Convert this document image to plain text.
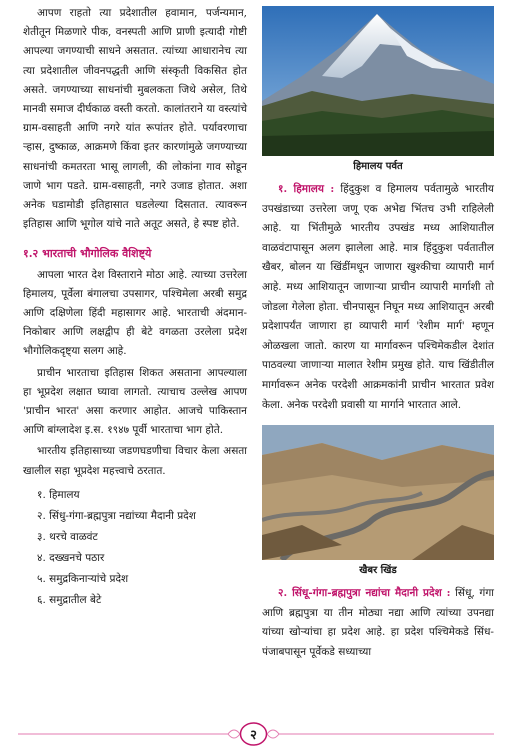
आपण राहतो त्या प्रदेशातील हवामान, पर्जन्यमान, शेतीतून मिळणारे पीक, वनस्पती आणि प्राणी इत्यादी गोष्टी आपल्या जगण्याची साधने असतात. त्यांच्या आधारानेच त्या त्या प्रदेशातील जीवनपद्धती आणि संस्कृती विकसित होत असते. जगण्याच्या साधनांची मुबलकता जिथे असेल, तिथे मानवी समाज दीर्घकाळ वस्ती करतो. कालांतराने या वस्त्यांचे ग्राम-वसाहती आणि नगरे यांत रूपांतर होते. पर्यावरणाचा ऱ्हास, दुष्काळ, आक्रमणे किंवा इतर कारणांमुळे जगण्याच्या साधनांची कमतरता भासू लागली, की लोकांना गाव सोडून जाणे भाग पडते. ग्राम-वसाहती, नगरे उजाड होतात. अशा अनेक घडामोडी इतिहासात घडलेल्या दिसतात. त्यावरून इतिहास आणि भूगोल यांचे नाते अतूट असते, हे स्पष्ट होते.

१.२ भारताची भौगोलिक वैशिष्ट्ये

आपला भारत देश विस्ताराने मोठा आहे. त्याच्या उत्तरेला हिमालय, पूर्वेला बंगालचा उपसागर, पश्चिमेला अरबी समुद्र आणि दक्षिणेला हिंदी महासागर आहे. भारताची अंदमान-निकोबार आणि लक्षद्वीप ही बेटे वगळता उरलेला प्रदेश भौगोलिकदृष्ट्या सलग आहे.

प्राचीन भारताचा इतिहास शिकत असताना आपल्याला हा भूप्रदेश लक्षात घ्यावा लागतो. त्याचाच उल्लेख आपण 'प्राचीन भारत' असा करणार आहोत. आजचे पाकिस्तान आणि बांग्लादेश इ.स. १९४७ पूर्वी भारताचा भाग होते.

भारतीय इतिहासाच्या जडणघडणीचा विचार केला असता खालील सहा भूप्रदेश महत्त्वाचे ठरतात.

१. हिमालय
२. सिंधु-गंगा-ब्रह्मपुत्रा नद्यांच्या मैदानी प्रदेश
३. थरचे वाळवंट
४. दख्खनचे पठार
५. समुद्रकिनाऱ्यांचे प्रदेश
६. समुद्रातील बेटे
हिमालय पर्वत

१. हिमालय : हिंदुकुश व हिमालय पर्वतामुळे भारतीय उपखंडाच्या उत्तरेला जणू एक अभेद्य भिंतच उभी राहिलेली आहे. या भिंतीमुळे भारतीय उपखंड मध्य आशियातील वाळवंटापासून अलग झालेला आहे. मात्र हिंदुकुश पर्वतातील खैबर, बोलन या खिंडींमधून जाणारा खुश्कीचा व्यापारी मार्ग आहे. मध्य आशियातून जाणाऱ्या प्राचीन व्यापारी मार्गाशी तो जोडला गेलेला होता. चीनपासून निघून मध्य आशियातून अरबी प्रदेशापर्यंत जाणारा हा व्यापारी मार्ग 'रेशीम मार्ग' म्हणून ओळखला जातो. कारण या मार्गावरून पश्चिमेकडील देशांत पाठवल्या जाणाऱ्या मालात रेशीम प्रमुख होते. याच खिंडीतील मार्गावरून अनेक परदेशी आक्रमकांनी प्राचीन भारतात प्रवेश केला. अनेक परदेशी प्रवासी या मार्गाने भारतात आले.

खैबर खिंड

२. सिंधू-गंगा-ब्रह्मपुत्रा नद्यांचा मैदानी प्रदेश : सिंधू, गंगा आणि ब्रह्मपुत्रा या तीन मोठ्या नद्या आणि त्यांच्या उपनद्या यांच्या खोऱ्यांचा हा प्रदेश आहे. हा प्रदेश पश्चिमेकडे सिंध-पंजाबपासून पूर्वेकडे सध्याच्या

२
